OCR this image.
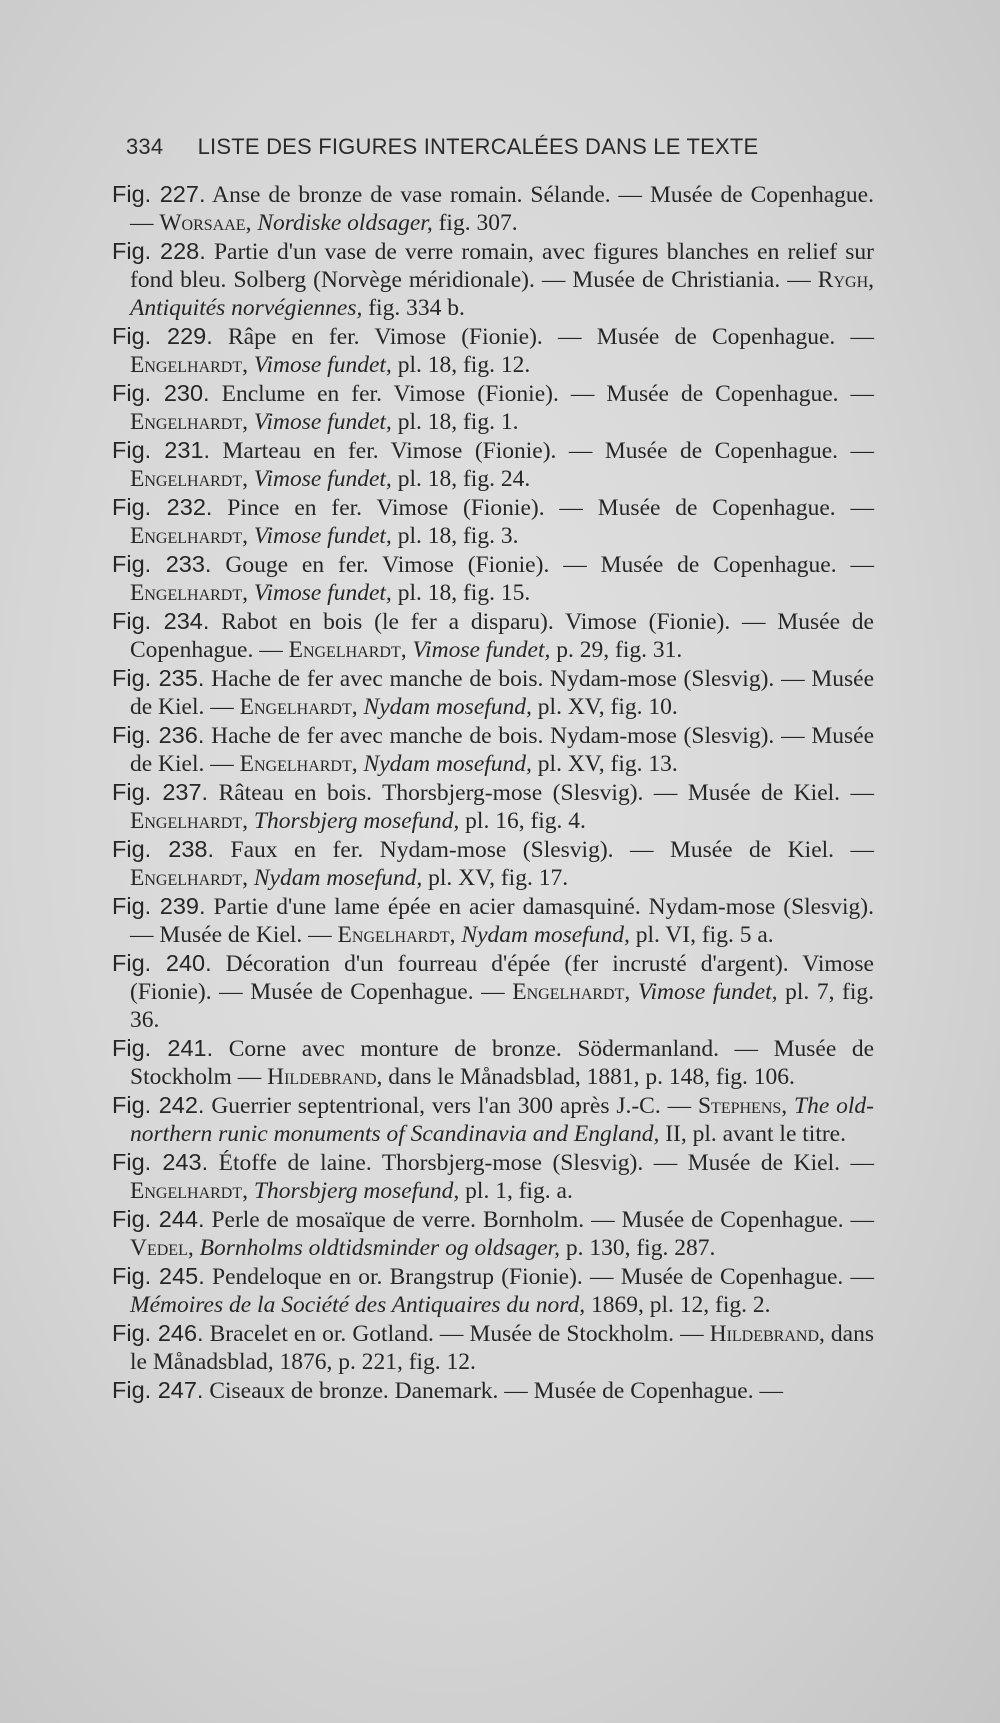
334 LISTE DES FIGURES INTERCALÉES DANS LE TEXTE

Fig. 227. Anse de bronze de vase romain. Sélande. — Musée de Copenhague. — Worsaae, Nordiske oldsager, fig. 307.

Fig. 228. Partie d'un vase de verre romain, avec figures blanches en relief sur fond bleu. Solberg (Norvège méridionale). — Musée de Christiania. — Rygh, Antiquités norvégiennes, fig. 334 b.

Fig. 229. Râpe en fer. Vimose (Fionie). — Musée de Copenhague. — Engelhardt, Vimose fundet, pl. 18, fig. 12.

Fig. 230. Enclume en fer. Vimose (Fionie). — Musée de Copenhague. — Engelhardt, Vimose fundet, pl. 18, fig. 1.

Fig. 231. Marteau en fer. Vimose (Fionie). — Musée de Copenhague. — Engelhardt, Vimose fundet, pl. 18, fig. 24.

Fig. 232. Pince en fer. Vimose (Fionie). — Musée de Copenhague. — Engelhardt, Vimose fundet, pl. 18, fig. 3.

Fig. 233. Gouge en fer. Vimose (Fionie). — Musée de Copenhague. — Engelhardt, Vimose fundet, pl. 18, fig. 15.

Fig. 234. Rabot en bois (le fer a disparu). Vimose (Fionie). — Musée de Copenhague. — Engelhardt, Vimose fundet, p. 29, fig. 31.

Fig. 235. Hache de fer avec manche de bois. Nydam-mose (Slesvig). — Musée de Kiel. — Engelhardt, Nydam mosefund, pl. XV, fig. 10.

Fig. 236. Hache de fer avec manche de bois. Nydam-mose (Slesvig). — Musée de Kiel. — Engelhardt, Nydam mosefund, pl. XV, fig. 13.

Fig. 237. Râteau en bois. Thorsbjerg-mose (Slesvig). — Musée de Kiel. — Engelhardt, Thorsbjerg mosefund, pl. 16, fig. 4.

Fig. 238. Faux en fer. Nydam-mose (Slesvig). — Musée de Kiel. — Engelhardt, Nydam mosefund, pl. XV, fig. 17.

Fig. 239. Partie d'une lame épée en acier damasquiné. Nydam-mose (Slesvig). — Musée de Kiel. — Engelhardt, Nydam mosefund, pl. VI, fig. 5 a.

Fig. 240. Décoration d'un fourreau d'épée (fer incrusté d'argent). Vimose (Fionie). — Musée de Copenhague. — Engelhardt, Vimose fundet, pl. 7, fig. 36.

Fig. 241. Corne avec monture de bronze. Södermanland. — Musée de Stockholm — Hildebrand, dans le Månadsblad, 1881, p. 148, fig. 106.

Fig. 242. Guerrier septentrional, vers l'an 300 après J.-C. — Stephens, The old-northern runic monuments of Scandinavia and England, II, pl. avant le titre.

Fig. 243. Étoffe de laine. Thorsbjerg-mose (Slesvig). — Musée de Kiel. — Engelhardt, Thorsbjerg mosefund, pl. 1, fig. a.

Fig. 244. Perle de mosaïque de verre. Bornholm. — Musée de Copenhague. — Vedel, Bornholms oldtidsminder og oldsager, p. 130, fig. 287.

Fig. 245. Pendeloque en or. Brangstrup (Fionie). — Musée de Copenhague. — Mémoires de la Société des Antiquaires du nord, 1869, pl. 12, fig. 2.

Fig. 246. Bracelet en or. Gotland. — Musée de Stockholm. — Hildebrand, dans le Månadsblad, 1876, p. 221, fig. 12.

Fig. 247. Ciseaux de bronze. Danemark. — Musée de Copenhague. —
